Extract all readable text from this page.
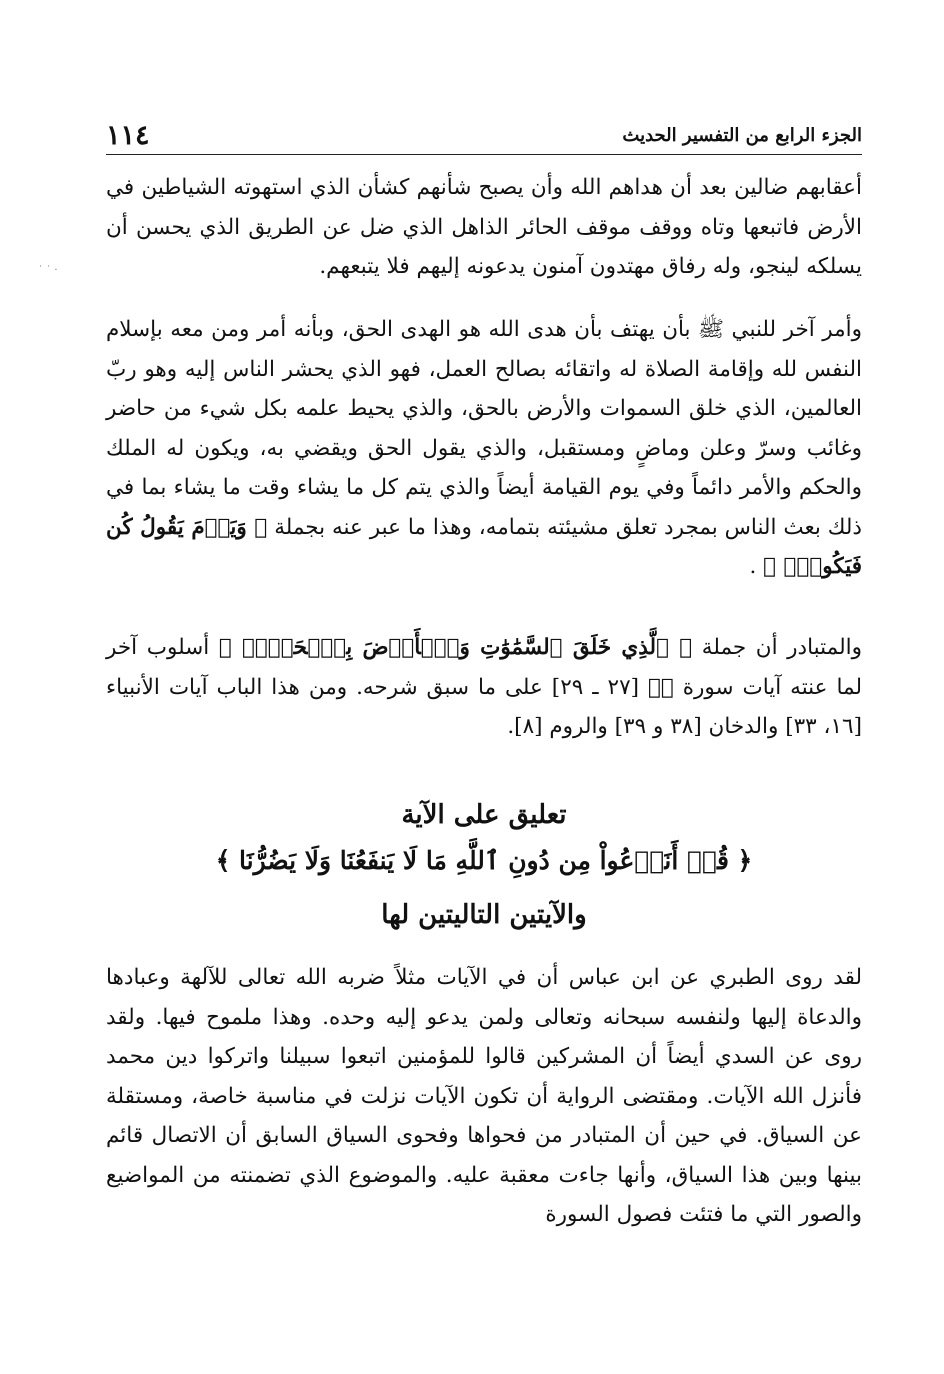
١١٤	الجزء الرابع من التفسير الحديث
˙ ˙ ·

أعقابهم ضالين بعد أن هداهم الله وأن يصبح شأنهم كشأن الذي استهوته الشياطين في الأرض فاتبعها وتاه ووقف موقف الحائر الذاهل الذي ضل عن الطريق الذي يحسن أن يسلكه لينجو، وله رفاق مهتدون آمنون يدعونه إليهم فلا يتبعهم.

وأمر آخر للنبي ﷺ بأن يهتف بأن هدى الله هو الهدى الحق، وبأنه أمر ومن معه بإسلام النفس لله وإقامة الصلاة له واتقائه بصالح العمل، فهو الذي يحشر الناس إليه وهو ربّ العالمين، الذي خلق السموات والأرض بالحق، والذي يحيط علمه بكل شيء من حاضر وغائب وسرّ وعلن وماضٍ ومستقبل، والذي يقول الحق ويقضي به، ويكون له الملك والحكم والأمر دائماً وفي يوم القيامة أيضاً والذي يتم كل ما يشاء وقت ما يشاء بما في ذلك بعث الناس بمجرد تعلق مشيئته بتمامه، وهذا ما عبر عنه بجملة ﴿ وَيَوۡمَ يَقُولُ كُن فَيَكُونُۚ ﴾ .

والمتبادر أن جملة ﴿ ٱلَّذِي خَلَقَ ٱلسَّمَٰوَٰتِ وَٱلۡأَرۡضَ بِٱلۡحَقِّۖ ﴾ أسلوب آخر لما عنته آيات سورة صۤ [٢٧ ـ ٢٩] على ما سبق شرحه. ومن هذا الباب آيات الأنبياء [١٦، ٣٣] والدخان [٣٨ و ٣٩] والروم [٨].

تعليق على الآية
﴿ قُلۡ أَنَدۡعُواْ مِن دُونِ ٱللَّهِ مَا لَا يَنفَعُنَا وَلَا يَضُرُّنَا ﴾
والآيتين التاليتين لها

لقد روى الطبري عن ابن عباس أن في الآيات مثلاً ضربه الله تعالى للآلهة وعبادها والدعاة إليها ولنفسه سبحانه وتعالى ولمن يدعو إليه وحده. وهذا ملموح فيها. ولقد روى عن السدي أيضاً أن المشركين قالوا للمؤمنين اتبعوا سبيلنا واتركوا دين محمد فأنزل الله الآيات. ومقتضى الرواية أن تكون الآيات نزلت في مناسبة خاصة، ومستقلة عن السياق. في حين أن المتبادر من فحواها وفحوى السياق السابق أن الاتصال قائم بينها وبين هذا السياق، وأنها جاءت معقبة عليه. والموضوع الذي تضمنته من المواضيع والصور التي ما فتئت فصول السورة
